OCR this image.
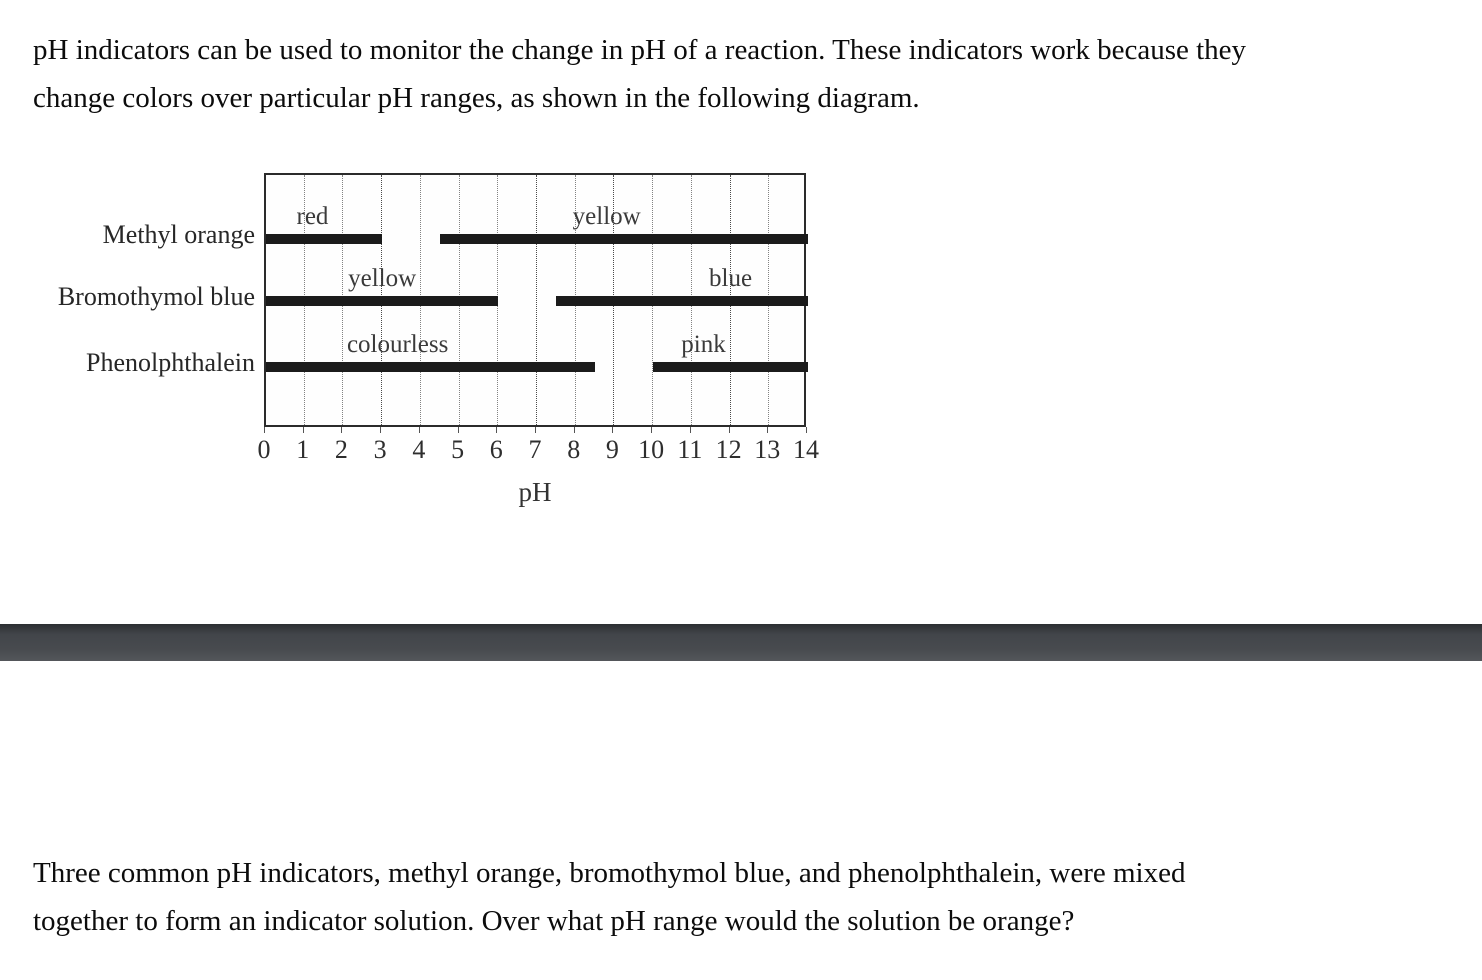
pH indicators can be used to monitor the change in pH of a reaction. These indicators work because they
change colors over particular pH ranges, as shown in the following diagram.
red	yellow
yellow	blue
colourless	pink
Methyl orange
Bromothymol blue
Phenolphthalein
0 1 2 3 4 5 6 7 8 9 10 11 12 13 14
pH
Three common pH indicators, methyl orange, bromothymol blue, and phenolphthalein, were mixed
together to form an indicator solution. Over what pH range would the solution be orange?
